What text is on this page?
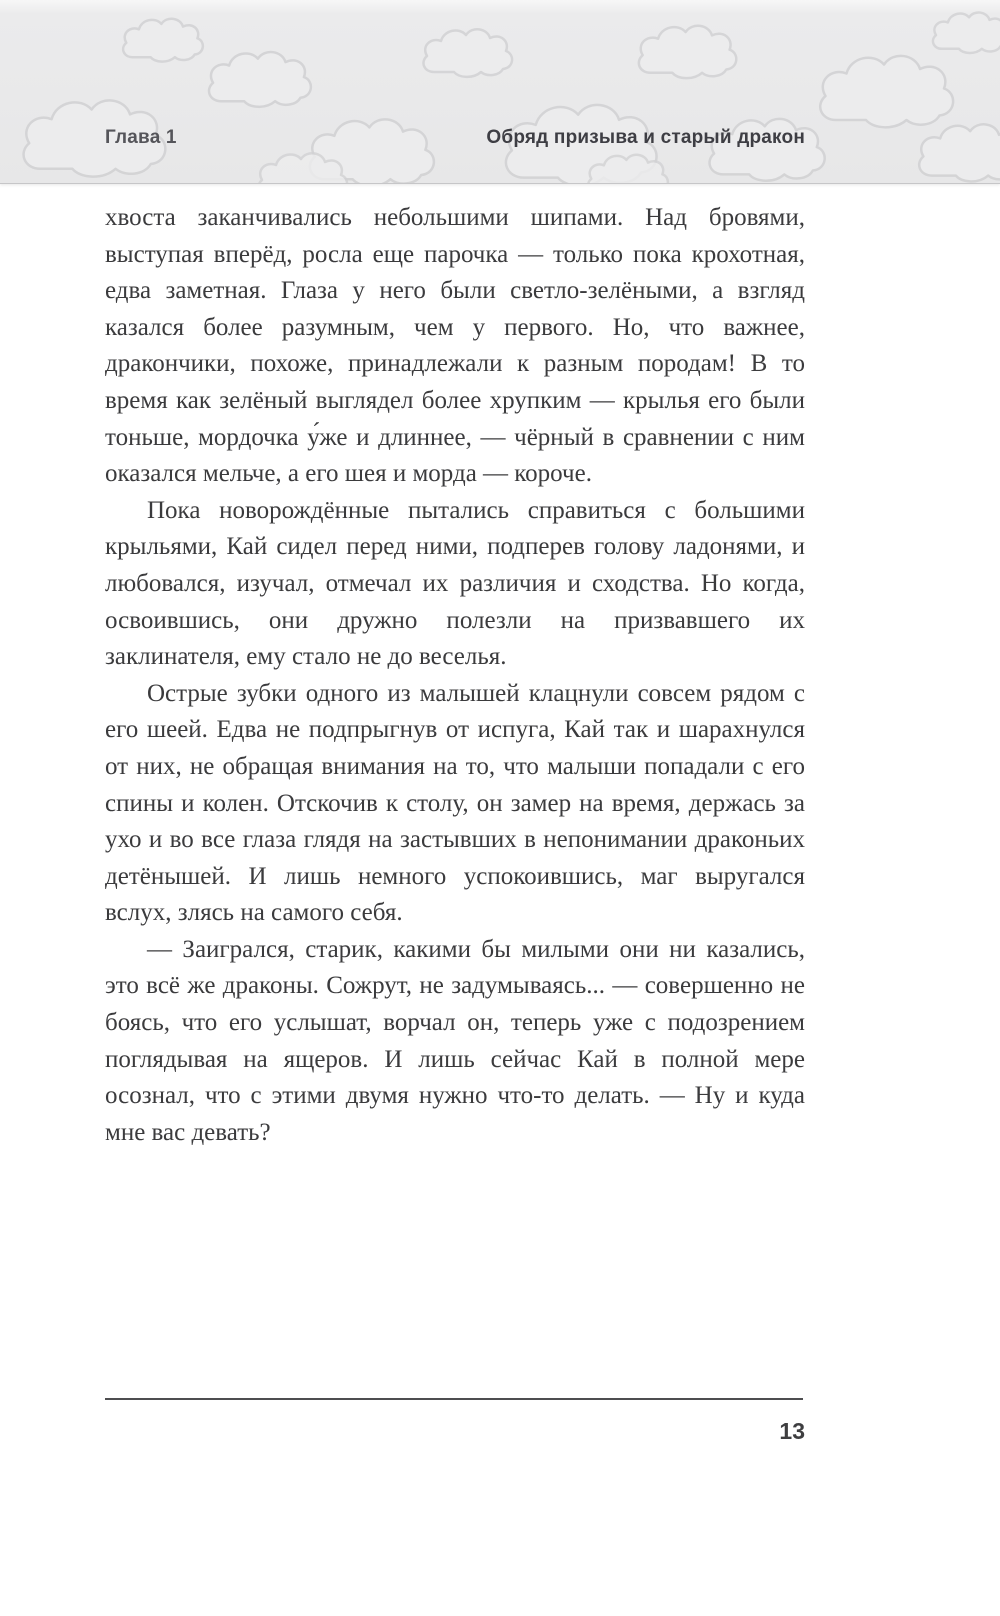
Глава 1	Обряд призыва и старый дракон

хвоста заканчивались небольшими шипами. Над бровями, выступая вперёд, росла еще парочка — только пока крохотная, едва заметная. Глаза у него были светло-зелёными, а взгляд казался более разумным, чем у первого. Но, что важнее, дракончики, похоже, принадлежали к разным породам! В то время как зелёный выглядел более хрупким — крылья его были тоньше, мордочка у́же и длиннее, — чёрный в сравнении с ним оказался мельче, а его шея и морда — короче.

Пока новорождённые пытались справиться с большими крыльями, Кай сидел перед ними, подперев голову ладонями, и любовался, изучал, отмечал их различия и сходства. Но когда, освоившись, они дружно полезли на призвавшего их заклинателя, ему стало не до веселья.

Острые зубки одного из малышей клацнули совсем рядом с его шеей. Едва не подпрыгнув от испуга, Кай так и шарахнулся от них, не обращая внимания на то, что малыши попадали с его спины и колен. Отскочив к столу, он замер на время, держась за ухо и во все глаза глядя на застывших в непонимании драконьих детёнышей. И лишь немного успокоившись, маг выругался вслух, злясь на самого себя.

— Заигрался, старик, какими бы милыми они ни казались, это всё же драконы. Сожрут, не задумываясь... — совершенно не боясь, что его услышат, ворчал он, теперь уже с подозрением поглядывая на ящеров. И лишь сейчас Кай в полной мере осознал, что с этими двумя нужно что-то делать. — Ну и куда мне вас девать?

13
